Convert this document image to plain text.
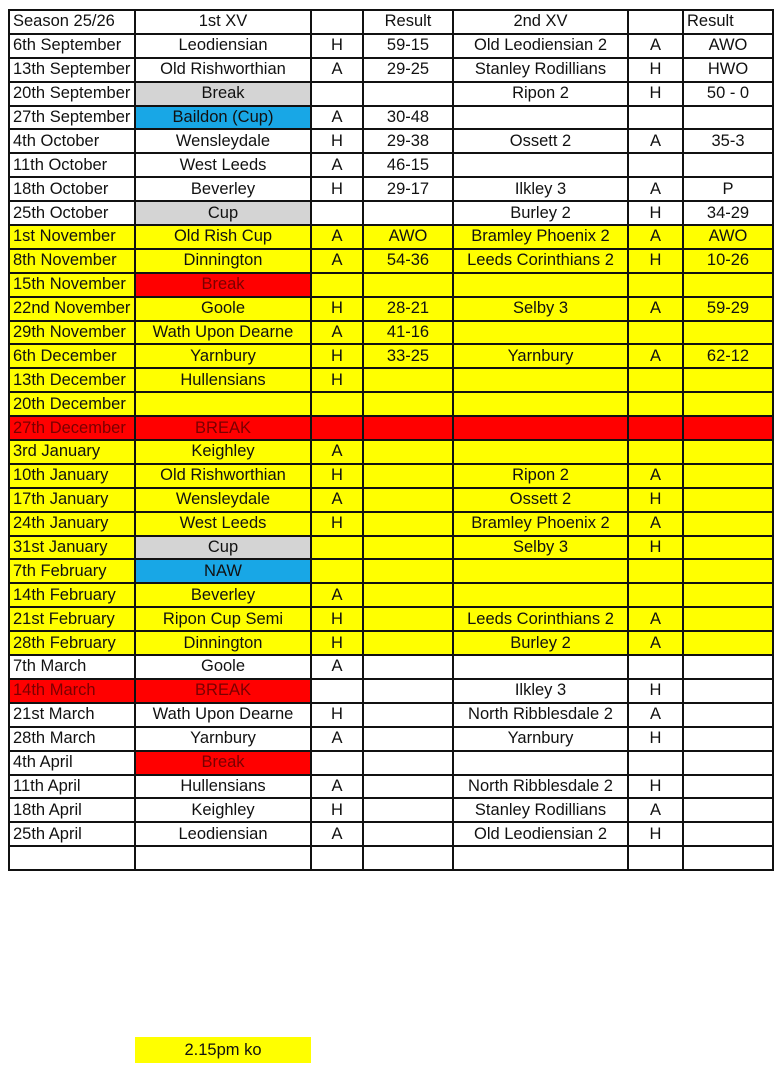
Season 25/26	1st XV		Result	2nd XV		Result
6th September	Leodiensian	H	59-15	Old Leodiensian 2	A	AWO
13th September	Old Rishworthian	A	29-25	Stanley Rodillians	H	HWO
20th September	Break			Ripon 2	H	50 - 0
27th September	Baildon (Cup)	A	30-48			
4th October	Wensleydale	H	29-38	Ossett 2	A	35-3
11th October	West Leeds	A	46-15			
18th October	Beverley	H	29-17	Ilkley 3	A	P
25th October	Cup			Burley 2	H	34-29
1st November	Old Rish Cup	A	AWO	Bramley Phoenix 2	A	AWO
8th November	Dinnington	A	54-36	Leeds Corinthians 2	H	10-26
15th November	Break					
22nd November	Goole	H	28-21	Selby 3	A	59-29
29th November	Wath Upon Dearne	A	41-16			
6th December	Yarnbury	H	33-25	Yarnbury	A	62-12
13th December	Hullensians	H				
20th December						
27th December	BREAK					
3rd January	Keighley	A				
10th January	Old Rishworthian	H		Ripon 2	A	
17th January	Wensleydale	A		Ossett 2	H	
24th January	West Leeds	H		Bramley Phoenix 2	A	
31st January	Cup			Selby 3	H	
7th February	NAW					
14th February	Beverley	A				
21st February	Ripon Cup Semi	H		Leeds Corinthians 2	A	
28th February	Dinnington	H		Burley 2	A	
7th March	Goole	A				
14th March	BREAK			Ilkley 3	H	
21st March	Wath Upon Dearne	H		North Ribblesdale 2	A	
28th March	Yarnbury	A		Yarnbury	H	
4th April	Break					
11th April	Hullensians	A		North Ribblesdale 2	H	
18th April	Keighley	H		Stanley Rodillians	A	
25th April	Leodiensian	A		Old Leodiensian 2	H	

2.15pm ko
